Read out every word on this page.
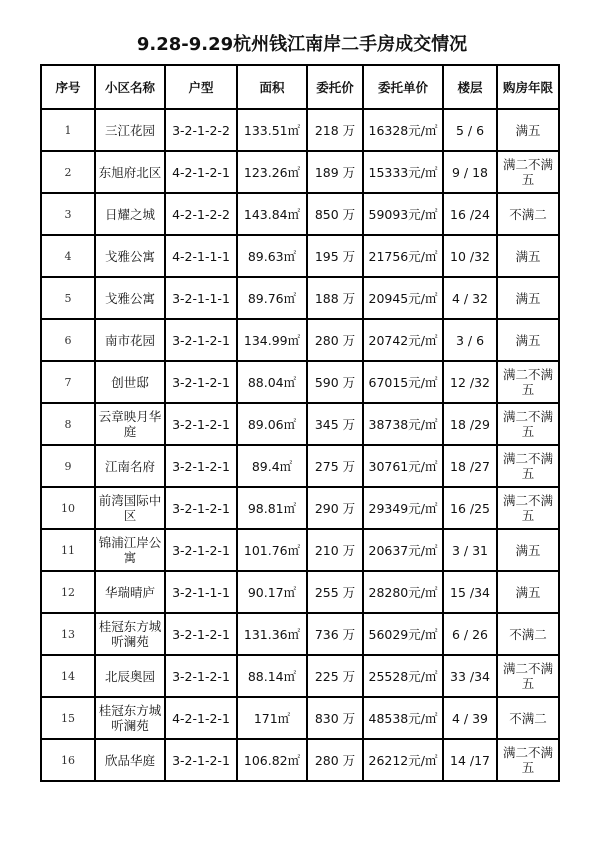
9.28-9.29杭州钱江南岸二手房成交情况
序号	小区名称	户型	面积	委托价	委托单价	楼层	购房年限
1	三江花园	3-2-1-2-2	133.51㎡	218 万	16328元/㎡	5 / 6	满五
2	东旭府北区	4-2-1-2-1	123.26㎡	189 万	15333元/㎡	9 / 18	满二不满五
3	日耀之城	4-2-1-2-2	143.84㎡	850 万	59093元/㎡	16 /24	不满二
4	戈雅公寓	4-2-1-1-1	89.63㎡	195 万	21756元/㎡	10 /32	满五
5	戈雅公寓	3-2-1-1-1	89.76㎡	188 万	20945元/㎡	4 / 32	满五
6	南市花园	3-2-1-2-1	134.99㎡	280 万	20742元/㎡	3 / 6	满五
7	创世邸	3-2-1-2-1	88.04㎡	590 万	67015元/㎡	12 /32	满二不满五
8	云章映月华庭	3-2-1-2-1	89.06㎡	345 万	38738元/㎡	18 /29	满二不满五
9	江南名府	3-2-1-2-1	89.4㎡	275 万	30761元/㎡	18 /27	满二不满五
10	前湾国际中区	3-2-1-2-1	98.81㎡	290 万	29349元/㎡	16 /25	满二不满五
11	锦浦江岸公寓	3-2-1-2-1	101.76㎡	210 万	20637元/㎡	3 / 31	满五
12	华瑞晴庐	3-2-1-1-1	90.17㎡	255 万	28280元/㎡	15 /34	满五
13	桂冠东方城听澜苑	3-2-1-2-1	131.36㎡	736 万	56029元/㎡	6 / 26	不满二
14	北辰奥园	3-2-1-2-1	88.14㎡	225 万	25528元/㎡	33 /34	满二不满五
15	桂冠东方城听澜苑	4-2-1-2-1	171㎡	830 万	48538元/㎡	4 / 39	不满二
16	欣品华庭	3-2-1-2-1	106.82㎡	280 万	26212元/㎡	14 /17	满二不满五
